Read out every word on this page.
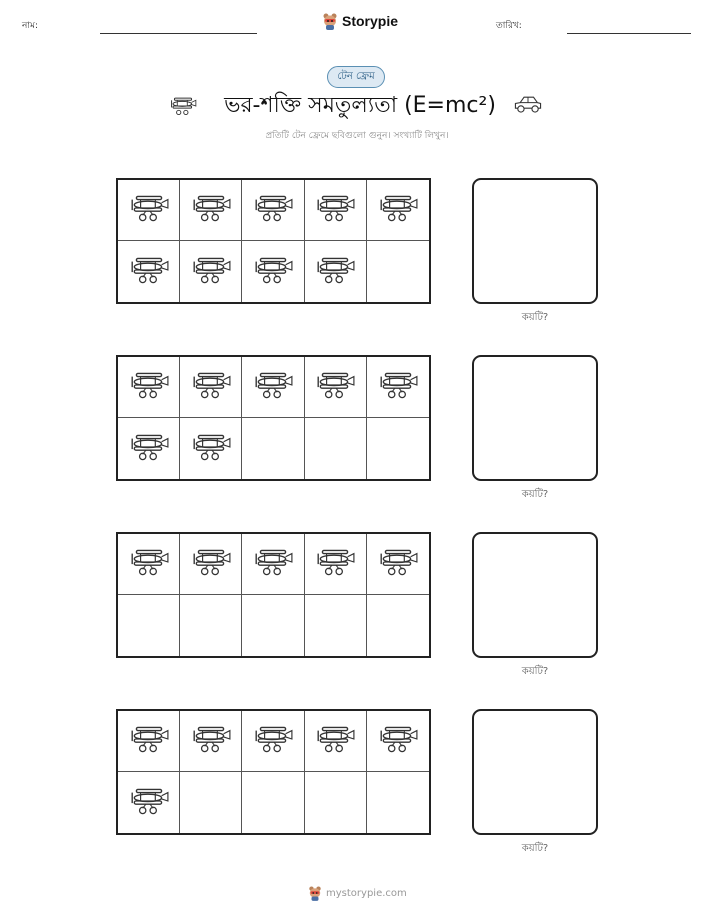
নাম:	Storypie	তারিখ:
টেন ফ্রেম
ভর-শক্তি সমতুল্যতা (E=mc²)
প্রতিটি টেন ফ্রেমে ছবিগুলো গুনুন। সংখ্যাটি লিখুন।
কয়টি?
কয়টি?
কয়টি?
কয়টি?
mystorypie.com
